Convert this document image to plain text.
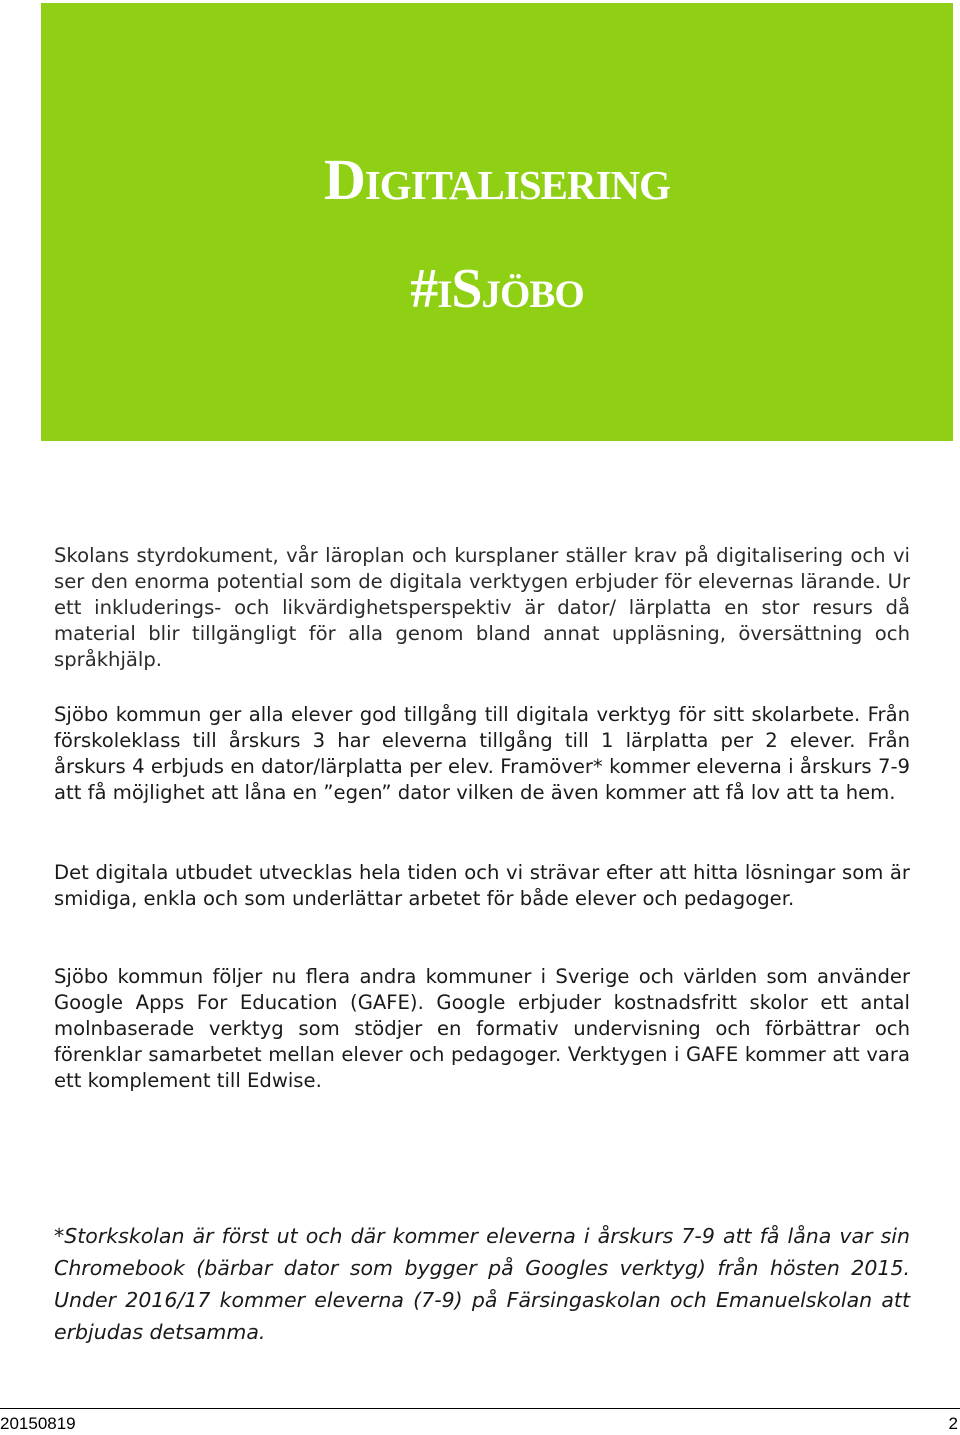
Digitalisering
#iSjöbo

Skolans styrdokument, vår läroplan och kursplaner ställer krav på digitalisering och vi ser den enorma potential som de digitala verktygen erbjuder för elevernas lärande. Ur ett inkluderings- och likvärdighetsperspektiv är dator/ lärplatta en stor resurs då material blir tillgängligt för alla genom bland annat uppläsning, översättning och språkhjälp.

Sjöbo kommun ger alla elever god tillgång till digitala verktyg för sitt skolarbete. Från förskoleklass till årskurs 3 har eleverna tillgång till 1 lärplatta per 2 elever. Från årskurs 4 erbjuds en dator/lärplatta per elev. Framöver* kommer eleverna i årskurs 7-9 att få möjlighet att låna en ”egen” dator vilken de även kommer att få lov att ta hem.

Det digitala utbudet utvecklas hela tiden och vi strävar efter att hitta lösningar som är smidiga, enkla och som underlättar arbetet för både elever och pedagoger.

Sjöbo kommun följer nu flera andra kommuner i Sverige och världen som använder Google Apps For Education (GAFE). Google erbjuder kostnadsfritt skolor ett antal molnbaserade verktyg som stödjer en formativ undervisning och förbättrar och förenklar samarbetet mellan elever och pedagoger. Verktygen i GAFE kommer att vara ett komplement till Edwise.

*Storkskolan är först ut och där kommer eleverna i årskurs 7-9 att få låna var sin Chromebook (bärbar dator som bygger på Googles verktyg) från hösten 2015. Under 2016/17 kommer eleverna (7-9) på Färsingaskolan och Emanuelskolan att erbjudas detsamma.

20150819	2
